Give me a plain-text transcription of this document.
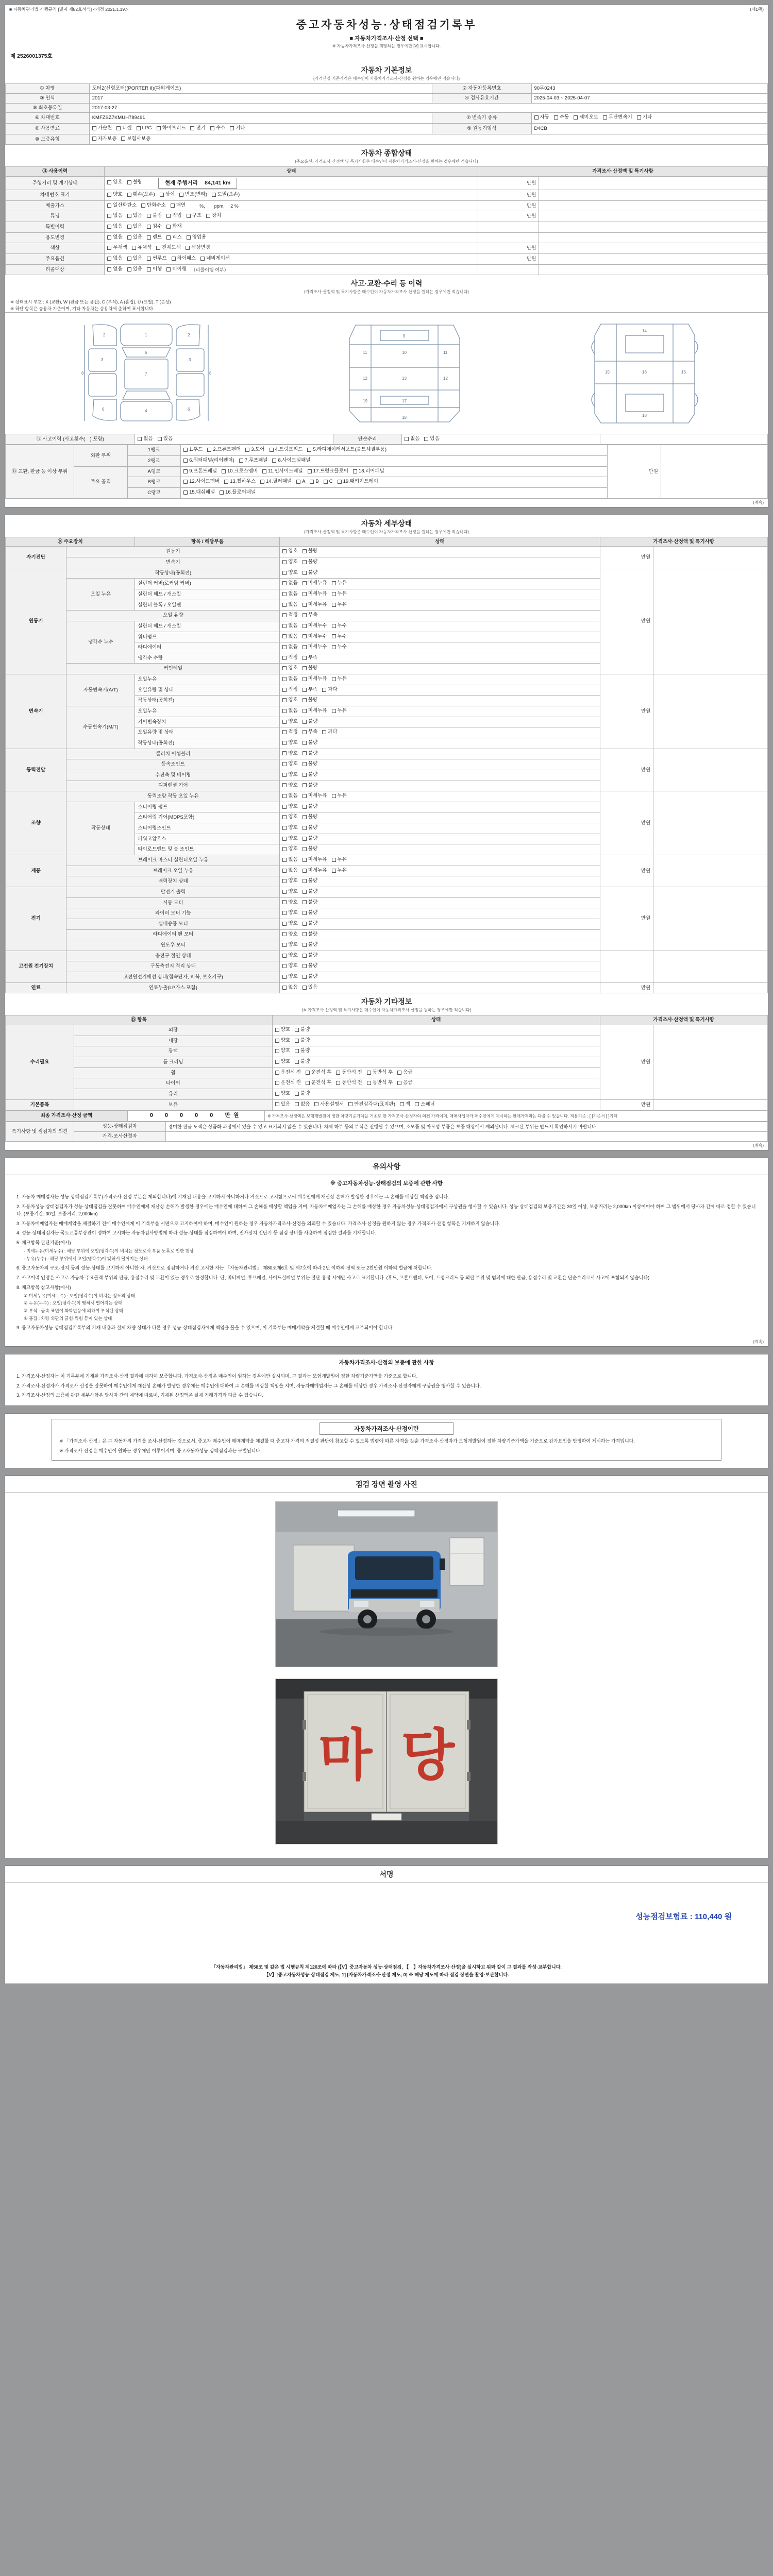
■ 자동차관리법 시행규칙 [별지 제82호서식] <개정 2021.1.19.>	(제1쪽)
중고자동차성능·상태점검기록부
■ 자동차가격조사·산정 선택 ■
※ 자동차가격조사·산정을 희망하는 경우에만 [V] 표시합니다.
제 2526001375호
자동차 기본정보
(가격산정 기준가격은 매수인이 자동차가격조사·산정을 원하는 경우에만 적습니다)
① 차명	포터2(신형포터)(PORTER II)(파워게이트)	② 자동차등록번호	90무0243
③ 연식	2017	④ 검사유효기간	2025-04-03 ~ 2025-04-07
⑤ 최초등록일	2017-03-27		
⑥ 차대번호	KMFZSZ7KMUH789491	⑦ 변속기 종류	자동 수동 세미오토 무단변속기 기타

⑧ 사용연료	가솔린 디젤 LPG 하이브리드 전기 수소 기타	⑨ 원동기형식	D4CB
⑩ 보증유형	자가보증 보험사보증		
자동차 종합상태
(주요옵션, 가격조사·산정액 및 특기사항은 매수인이 자동차가격조사·산정을 원하는 경우에만 적습니다)
⑪ 사용이력	상태	가격조사·산정액 및 특기사항	
주행거리 및 계기상태	양호 불량 현재 주행거리　 84,141 km	만원	
차대번호 표기	양호 훼손(오손) 상이 변조(변타) 도말(오손)	만원	
배출가스	일산화탄소 탄화수소 매연 　　%,　　ppm,　 2 %	만원	
튜닝	없음 있음 불법 적법 구조 장치	만원	
특별이력	없음 있음 침수 화재		

용도변경	없음 있음 렌트 리스 영업용		

색상	무채색 유채색 전체도색 색상변경	만원	
주요옵션	없음 있음 썬루프 하이패스 네비게이션	만원	
리콜대상	없음 있음 이행 미이행 （리콜이행 여부）		
사고·교환·수리 등 이력
(가격조사·산정액 및 특기사항은 매수인이 자동차가격조사·산정을 원하는 경우에만 적습니다)
※ 상태표시 부호 : X (교환), W (판금 또는 용접), C (부식), A (흠집), U (요철), T (손상)
※ 하단 항목은 승용차 기준이며, 기타 자동차는 승용차에 준하여 표시합니다.
1
2	2
3	3
4
5
6	6
7
8	8
9
10
11	11
12	12
13
17
18
19
14
15	16	15
18
⑫ 사고이력 (사고횟수(　) 포함)	없음 있음	단순수리	없음 있음

⑬ 교환, 판금 등 이상 부위	외판 부위	1랭크	1.후드 2.프론트펜더 3.도어 4.트렁크리드 5.라디에이터서포트(볼트체결부품)	만원	
		2랭크	6.쿼터패널(리어펜더) 7.루프패널 8.사이드실패널		

	주요 골격	A랭크	9.프론트패널 10.크로스멤버 11.인사이드패널 17.트렁크플로어 18.리어패널		

B랭크	12.사이드멤버 13.휠하우스 14.필러패널 A B C 19.패키지트레이

		C랭크	15.대쉬패널 16.플로어패널		
(계속)
자동차 세부상태
(가격조사·산정액 및 특기사항은 매수인이 자동차가격조사·산정을 원하는 경우에만 적습니다)
⑭ 주요장치		항목 / 해당부품	상태	가격조사·산정액 및 특기사항	
자기진단	원동기		양호 불량	만원	
	변속기		양호 불량		

원동기	작동상태(공회전)		양호 불량	만원	
	오일 누유	실린더 커버(로커암 커버)	없음 미세누유 누유		

		실린더 헤드 / 개스킷	없음 미세누유 누유		

		실린더 블록 / 오일팬	없음 미세누유 누유		

	오일 유량		적정 부족		

	냉각수 누수	실린더 헤드 / 개스킷	없음 미세누수 누수		

		워터펌프	없음 미세누수 누수		

		라디에이터	없음 미세누수 누수		

		냉각수 수량	적정 부족		

	커먼레일		양호 불량		

변속기	자동변속기(A/T)	오일누유	없음 미세누유 누유	만원	
		오일유량 및 상태	적정 부족 과다		

		작동상태(공회전)	양호 불량		

	수동변속기(M/T)	오일누유	없음 미세누유 누유		

		기어변속장치	양호 불량		

		오일유량 및 상태	적정 부족 과다		

		작동상태(공회전)	양호 불량		

동력전달	클러치 어셈블리		양호 불량	만원	
	등속조인트		양호 불량		

	추진축 및 베어링		양호 불량		

	디퍼렌셜 기어		양호 불량		

조향	동력조향 작동 오일 누유		없음 미세누유 누유	만원	
	작동상태	스티어링 펌프	양호 불량		

		스티어링 기어(MDPS포함)	양호 불량		

		스티어링조인트	양호 불량		

		파워고압호스	양호 불량		

		타이로드엔드 및 볼 조인트	양호 불량		

제동	브레이크 마스터 실린더오일 누유		없음 미세누유 누유	만원	
	브레이크 오일 누유		없음 미세누유 누유		

	배력장치 상태		양호 불량		

전기	발전기 출력		양호 불량	만원	
	시동 모터		양호 불량		

	와이퍼 모터 기능		양호 불량		

	실내송풍 모터		양호 불량		

	라디에이터 팬 모터		양호 불량		

	윈도우 모터		양호 불량		

고전원 전기장치	충전구 절연 상태		양호 불량		

	구동축전지 격리 상태		양호 불량		

	고전원전기배선 상태(접속단자, 피복, 보호기구)		양호 불량		

연료	연료누출(LP가스 포함)		없음 있음	만원	
자동차 기타정보
(※ 가격조사·산정액 및 특기사항은 매수인이 자동차가격조사·산정을 원하는 경우에만 적습니다)
⑮ 항목		상태	가격조사·산정액 및 특기사항	
수리필요	외장	양호 불량	만원	
	내장	양호 불량		

	광택	양호 불량		

	룸 크리닝	양호 불량		

	휠	운전석 전 운전석 후 동반석 전 동반석 후 응급		

	타이어	운전석 전 운전석 후 동반석 전 동반석 후 응급		

	유리	양호 불량		

기본품목	보유	있음 없음 사용설명서 안전삼각대(표지판) 잭 스패너	만원	
최종 가격조사·산정 금액	0　0　0　0　0　만원	※ 가격조사·산정액은 보험개발원이 정한 차량기준가액을 기초로 한 가격조사·산정자의 의견 가격이며, 매매사업자가 매수인에게 제시하는 판매가격과는 다를 수 있습니다. 적용기준 : [ ]기준서 [ ]기타
특기사항 및 점검자의 의견	성능·상태점검자	경미한 판금 도색은 상품화 과정에서 있을 수 있고 표기되지 않을 수 있습니다. 차체 하부 등의 부식은 진행될 수 있으며, 소모품 및 마모성 부품은 보증 대상에서 제외됩니다. 체크된 부위는 반드시 확인하시기 바랍니다.
	가격·조사산정자	
(계속)
유의사항
※ 중고자동차성능·상태점검의 보증에 관한 사항
1. 자동차 매매업자는 성능·상태점검기록부(가격조사·산정 부분은 제외합니다)에 기재된 내용을 고지하지 아니하거나 거짓으로 고지함으로써 매수인에게 재산상 손해가 발생한 경우에는 그 손해를 배상할 책임을 집니다.
2. 자동차성능·상태점검자가 성능·상태점검을 잘못하여 매수인에게 재산상 손해가 발생한 경우에는 매수인에 대하여 그 손해를 배상할 책임을 지며, 자동차매매업자는 그 손해를 배상한 경우 자동차성능·상태점검자에게 구상권을 행사할 수 있습니다. 성능·상태점검의 보증기간은 30일 이상, 보증거리는 2,000km 이상이어야 하며 그 범위에서 당사자 간에 따로 정할 수 있습니다. (보증기간: 30일, 보증거리: 2,000km)
3. 자동차매매업자는 매매계약을 체결하기 전에 매수인에게 이 기록부를 서면으로 고지하여야 하며, 매수인이 원하는 경우 자동차가격조사·산정을 의뢰할 수 있습니다. 가격조사·산정을 원하지 않는 경우 가격조사·산정 항목은 기재하지 않습니다.
4. 성능·상태점검자는 국토교통부장관이 정하여 고시하는 자동차검사방법에 따라 성능·상태를 점검하여야 하며, 전자장치 진단기 등 점검 장비를 사용하여 점검한 결과를 기재합니다.
5. 체크항목 판단기준(예시)
- 미세누유(미세누수) : 해당 부위에 오일(냉각수)이 비치는 정도로서 부품 노후로 인한 현상
- 누유(누수) : 해당 부위에서 오일(냉각수)이 맺혀서 떨어지는 상태
6. 중고자동차의 구조·장치 등의 성능·상태를 고지하지 아니한 자, 거짓으로 점검하거나 거짓 고지한 자는 「자동차관리법」 제80조제6호 및 제7호에 따라 2년 이하의 징역 또는 2천만원 이하의 벌금에 처합니다.
7. 사고이력 인정은 사고로 자동차 주요골격 부위의 판금, 용접수리 및 교환이 있는 경우로 한정합니다. 단, 쿼터패널, 루프패널, 사이드실패널 부위는 절단·용접 시에만 사고로 표기합니다. (후드, 프론트펜더, 도어, 트렁크리드 등 외판 부위 및 범퍼에 대한 판금, 용접수리 및 교환은 단순수리로서 사고에 포함되지 않습니다)
8. 체크항목 참고사항(예시)
① 미세누유(미세누수) : 오일(냉각수)이 비치는 정도의 상태
② 누유(누수) : 오일(냉각수)이 맺혀서 떨어지는 상태
③ 부식 : 금속 표면이 화학반응에 의하여 부식된 상태
④ 흠집 : 차량 외판의 긁힘·찍힘 등이 있는 상태
9. 중고자동차성능·상태점검기록부의 기재 내용과 실제 차량 상태가 다른 경우 성능·상태점검자에게 책임을 물을 수 있으며, 이 기록부는 매매계약을 체결할 때 매수인에게 교부되어야 합니다.
(계속)
자동차가격조사·산정의 보증에 관한 사항
1. 가격조사·산정자는 이 기록부에 기재된 가격조사·산정 결과에 대하여 보증합니다. 가격조사·산정은 매수인이 원하는 경우에만 실시되며, 그 결과는 보험개발원이 정한 차량기준가액을 기준으로 합니다.
2. 가격조사·산정자가 가격조사·산정을 잘못하여 매수인에게 재산상 손해가 발생한 경우에는 매수인에 대하여 그 손해를 배상할 책임을 지며, 자동차매매업자는 그 손해를 배상한 경우 가격조사·산정자에게 구상권을 행사할 수 있습니다.
3. 가격조사·산정의 보증에 관한 세부사항은 당사자 간의 계약에 따르며, 기재된 산정액은 실제 거래가격과 다를 수 있습니다.
자동차가격조사·산정이란
※ 「가격조사·산정」은 그 자동차의 가격을 조사·산정하는 것으로서, 중고차 매수인이 매매계약을 체결할 때 중고차 가격의 적절성 판단에 참고할 수 있도록 법령에 따른 자격을 갖춘 가격조사·산정자가 보험개발원이 정한 차량기준가액을 기준으로 감가요인을 반영하여 제시하는 가격입니다.
※ 가격조사·산정은 매수인이 원하는 경우에만 이루어지며, 중고자동차성능·상태점검과는 구별됩니다.
점검 장면 촬영 사진
마 당
서명
성능점검보험료 : 110,440 원
「자동차관리법」 제58조 및 같은 법 시행규칙 제120조에 따라 (【V】중고자동차 성능·상태점검, 【　】자동차가격조사·산정)을 실시하고 위와 같이 그 결과를 작성·교부합니다.
【V】[중고자동차성능·상태점검 제도, 1] [자동차가격조사·산정 제도, 0] ※ 해당 제도에 따라 점검 장면을 촬영·보관합니다.
